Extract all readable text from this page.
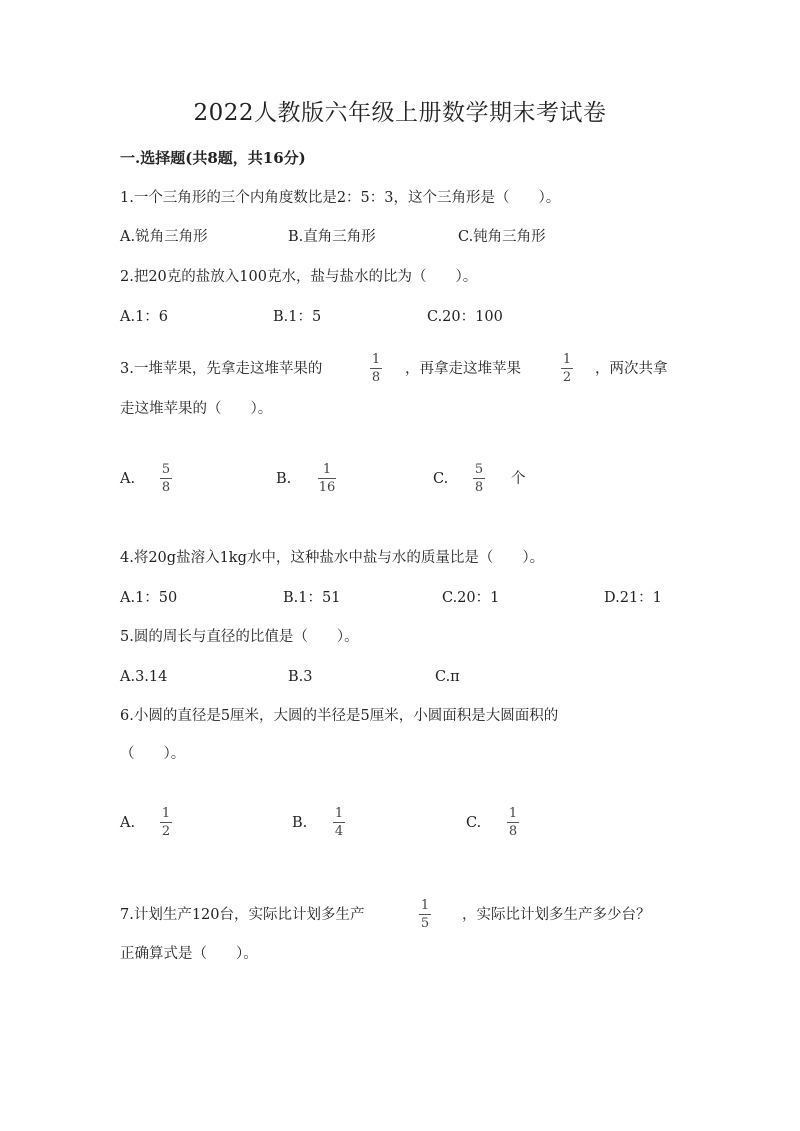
2022人教版六年级上册数学期末考试卷
一.选择题(共8题，共16分)
1.一个三角形的三个内角度数比是2：5：3，这个三角形是（　　）。
A.锐角三角形	B.直角三角形	C.钝角三角形
2.把20克的盐放入100克水，盐与盐水的比为（　　）。
A.1：6	B.1：5	C.20：100
3.一堆苹果，先拿走这堆苹果的
1
8
，再拿走这堆苹果
1
2
，两次共拿
走这堆苹果的（　　）。
A.
5
8
B.
1
16
C.
5
8
个
4.将20g盐溶入1kg水中，这种盐水中盐与水的质量比是（　　）。
A.1：50	B.1：51	C.20：1	D.21：1
5.圆的周长与直径的比值是（　　）。
A.3.14	B.3	C.π
6.小圆的直径是5厘米，大圆的半径是5厘米，小圆面积是大圆面积的
（　　）。
A.
1
2
B.
1
4
C.
1
8
7.计划生产120台，实际比计划多生产
1
5
，实际比计划多生产多少台？
正确算式是（　　）。
